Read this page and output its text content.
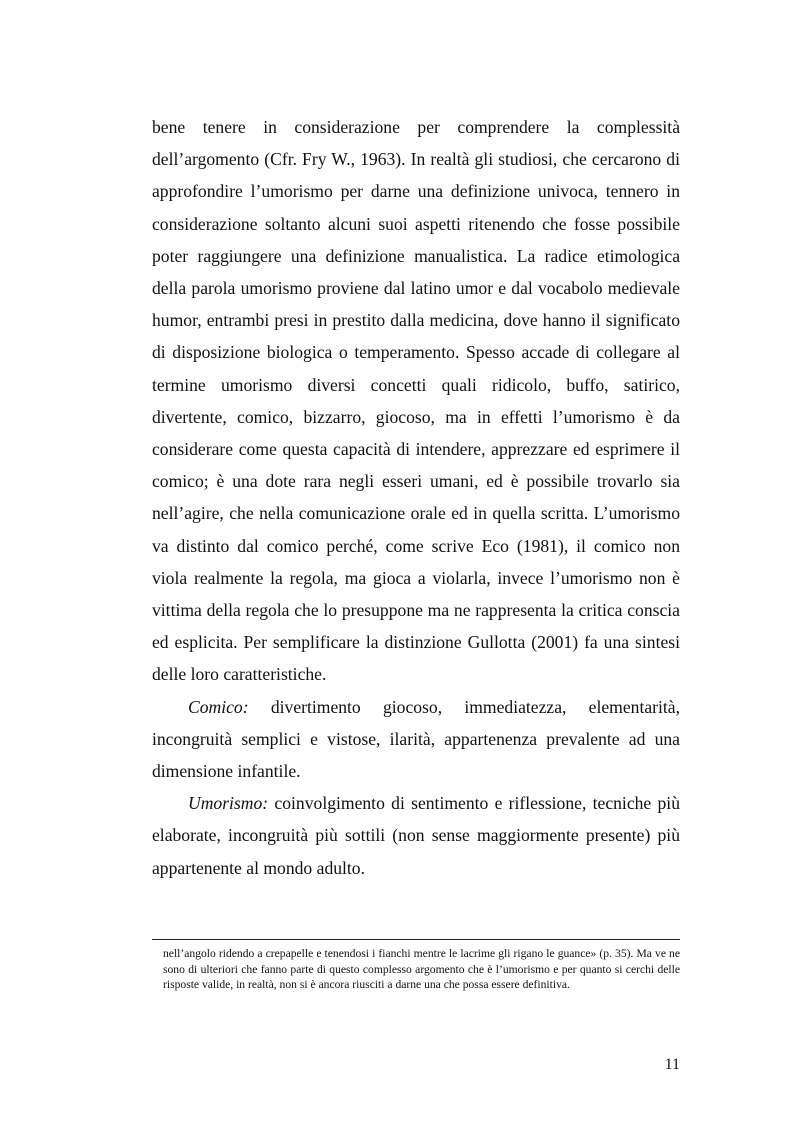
bene tenere in considerazione per comprendere la complessità dell’argomento (Cfr. Fry W., 1963). In realtà gli studiosi, che cercarono di approfondire l’umorismo per darne una definizione univoca, tennero in considerazione soltanto alcuni suoi aspetti ritenendo che fosse possibile poter raggiungere una definizione manualistica. La radice etimologica della parola umorismo proviene dal latino umor e dal vocabolo medievale humor, entrambi presi in prestito dalla medicina, dove hanno il significato di disposizione biologica o temperamento. Spesso accade di collegare al termine umorismo diversi concetti quali ridicolo, buffo, satirico, divertente, comico, bizzarro, giocoso, ma in effetti l’umorismo è da considerare come questa capacità di intendere, apprezzare ed esprimere il comico; è una dote rara negli esseri umani, ed è possibile trovarlo sia nell’agire, che nella comunicazione orale ed in quella scritta. L’umorismo va distinto dal comico perché, come scrive Eco (1981), il comico non viola realmente la regola, ma gioca a violarla, invece l’umorismo non è vittima della regola che lo presuppone ma ne rappresenta la critica conscia ed esplicita. Per semplificare la distinzione Gullotta (2001) fa una sintesi delle loro caratteristiche.

Comico: divertimento giocoso, immediatezza, elementarità, incongruità semplici e vistose, ilarità, appartenenza prevalente ad una dimensione infantile.

Umorismo: coinvolgimento di sentimento e riflessione, tecniche più elaborate, incongruità più sottili (non sense maggiormente presente) più appartenente al mondo adulto.

nell’angolo ridendo a crepapelle e tenendosi i fianchi mentre le lacrime gli rigano le guance» (p. 35). Ma ve ne sono di ulteriori che fanno parte di questo complesso argomento che è l’umorismo e per quanto si cerchi delle risposte valide, in realtà, non si è ancora riusciti a darne una che possa essere definitiva.

11
